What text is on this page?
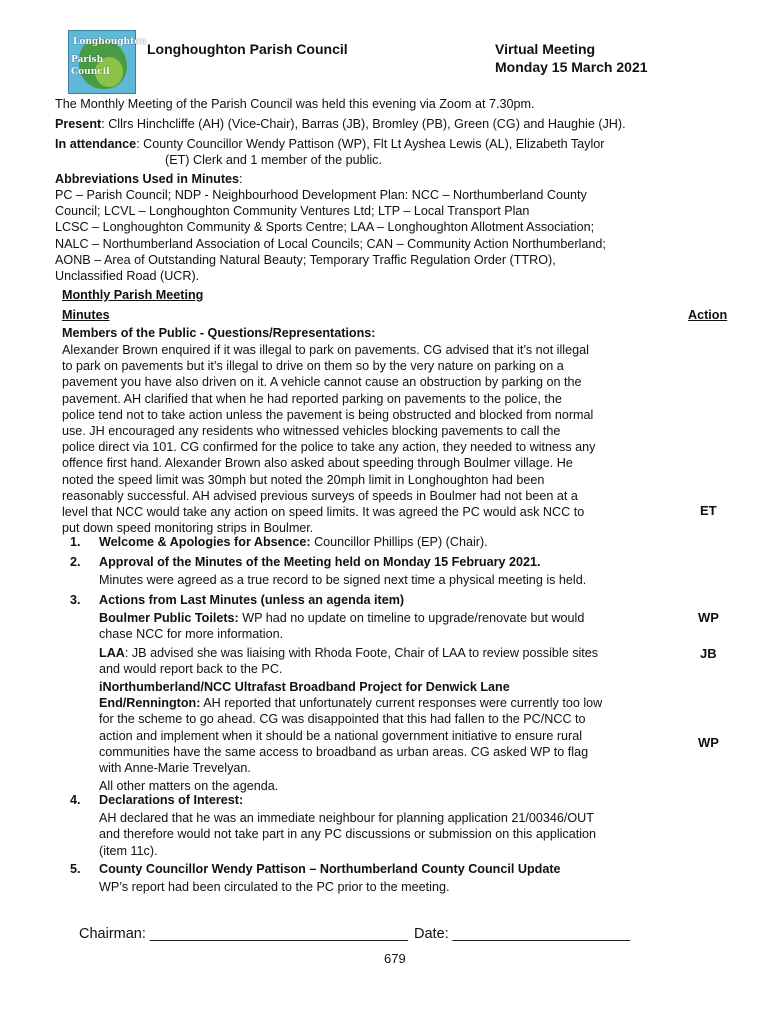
Longhoughton
Parish
Council
Longhoughton Parish Council	Virtual Meeting
Monday 15 March 2021
The Monthly Meeting of the Parish Council was held this evening via Zoom at 7.30pm.
Present: Cllrs Hinchcliffe (AH) (Vice-Chair), Barras (JB), Bromley (PB), Green (CG) and Haughie (JH).
In attendance: County Councillor Wendy Pattison (WP), Flt Lt Ayshea Lewis (AL), Elizabeth Taylor
(ET) Clerk and 1 member of the public.
Abbreviations Used in Minutes:
PC – Parish Council; NDP - Neighbourhood Development Plan: NCC – Northumberland County
Council; LCVL – Longhoughton Community Ventures Ltd; LTP – Local Transport Plan
LCSC – Longhoughton Community & Sports Centre; LAA – Longhoughton Allotment Association;
NALC – Northumberland Association of Local Councils; CAN – Community Action Northumberland;
AONB – Area of Outstanding Natural Beauty; Temporary Traffic Regulation Order (TTRO),
Unclassified Road (UCR).
Monthly Parish Meeting
Minutes	Action
Members of the Public - Questions/Representations:
Alexander Brown enquired if it was illegal to park on pavements. CG advised that it’s not illegal
to park on pavements but it’s illegal to drive on them so by the very nature on parking on a
pavement you have also driven on it. A vehicle cannot cause an obstruction by parking on the
pavement. AH clarified that when he had reported parking on pavements to the police, the
police tend not to take action unless the pavement is being obstructed and blocked from normal
use. JH encouraged any residents who witnessed vehicles blocking pavements to call the
police direct via 101. CG confirmed for the police to take any action, they needed to witness any
offence first hand. Alexander Brown also asked about speeding through Boulmer village. He
noted the speed limit was 30mph but noted the 20mph limit in Longhoughton had been
reasonably successful. AH advised previous surveys of speeds in Boulmer had not been at a
level that NCC would take any action on speed limits. It was agreed the PC would ask NCC to
put down speed monitoring strips in Boulmer.
ET
1. Welcome & Apologies for Absence: Councillor Phillips (EP) (Chair).
2. Approval of the Minutes of the Meeting held on Monday 15 February 2021.
Minutes were agreed as a true record to be signed next time a physical meeting is held.
3. Actions from Last Minutes (unless an agenda item)
Boulmer Public Toilets: WP had no update on timeline to upgrade/renovate but would
chase NCC for more information.
LAA: JB advised she was liaising with Rhoda Foote, Chair of LAA to review possible sites
and would report back to the PC.
iNorthumberland/NCC Ultrafast Broadband Project for Denwick Lane
End/Rennington: AH reported that unfortunately current responses were currently too low
for the scheme to go ahead. CG was disappointed that this had fallen to the PC/NCC to
action and implement when it should be a national government initiative to ensure rural
communities have the same access to broadband as urban areas. CG asked WP to flag
with Anne-Marie Trevelyan.
All other matters on the agenda.
WP
JB
WP
4. Declarations of Interest:
AH declared that he was an immediate neighbour for planning application 21/00346/OUT
and therefore would not take part in any PC discussions or submission on this application
(item 11c).
5. County Councillor Wendy Pattison – Northumberland County Council Update
WP’s report had been circulated to the PC prior to the meeting.
Chairman: ________________________________ Date: ______________________
679
